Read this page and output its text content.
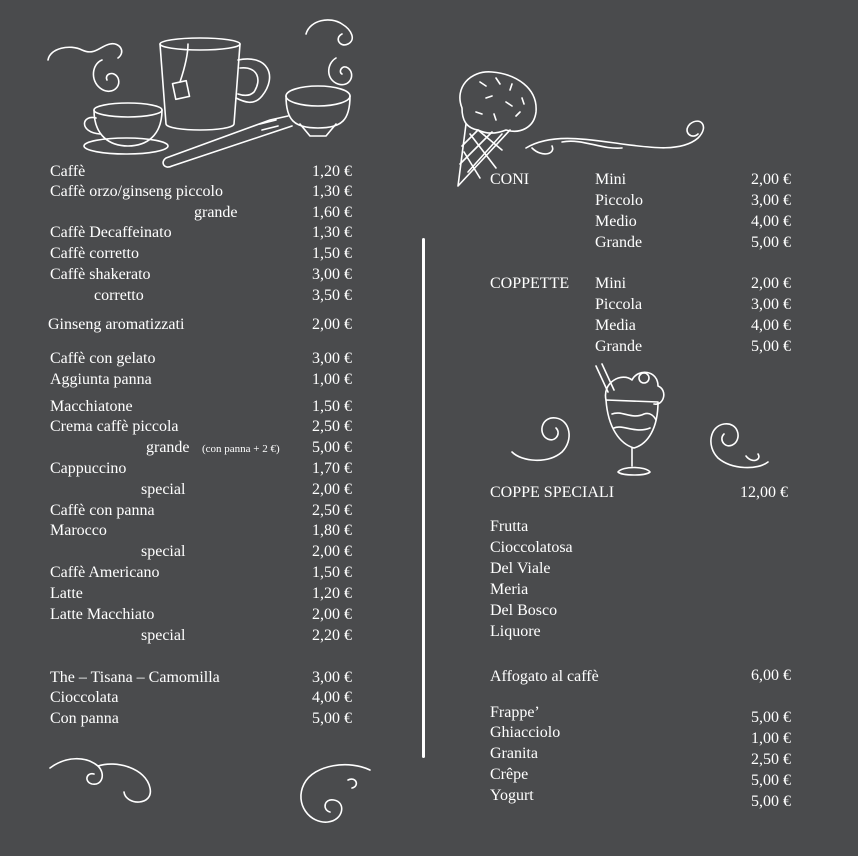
Caffè	1,20 €
Caffè orzo/ginseng piccolo	1,30 €
grande	1,60 €
Caffè Decaffeinato	1,30 €
Caffè corretto	1,50 €
Caffè shakerato	3,00 €
corretto	3,50 €
Ginseng aromatizzati	2,00 €
Caffè con gelato	3,00 €
Aggiunta panna	1,00 €
Macchiatone	1,50 €
Crema caffè piccola	2,50 €
grande (con panna + 2 €) 5,00 €
Cappuccino	1,70 €
special	2,00 €
Caffè con panna	2,50 €
Marocco	1,80 €
special	2,00 €
Caffè Americano	1,50 €
Latte	1,20 €
Latte Macchiato	2,00 €
special	2,20 €
The – Tisana – Camomilla	3,00 €
Cioccolata	4,00 €
Con panna	5,00 €
CONI	Mini	2,00 €
Piccolo	3,00 €
Medio	4,00 €
Grande	5,00 €
COPPETTE Mini	2,00 €
Piccola	3,00 €
Media	4,00 €
Grande	5,00 €
COPPE SPECIALI	12,00 €
Frutta
Cioccolatosa
Del Viale
Meria
Del Bosco
Liquore
Affogato al caffè	6,00 €
Frappe’	5,00 €
Ghiacciolo	1,00 €
Granita	2,50 €
Crêpe	5,00 €
Yogurt	5,00 €
